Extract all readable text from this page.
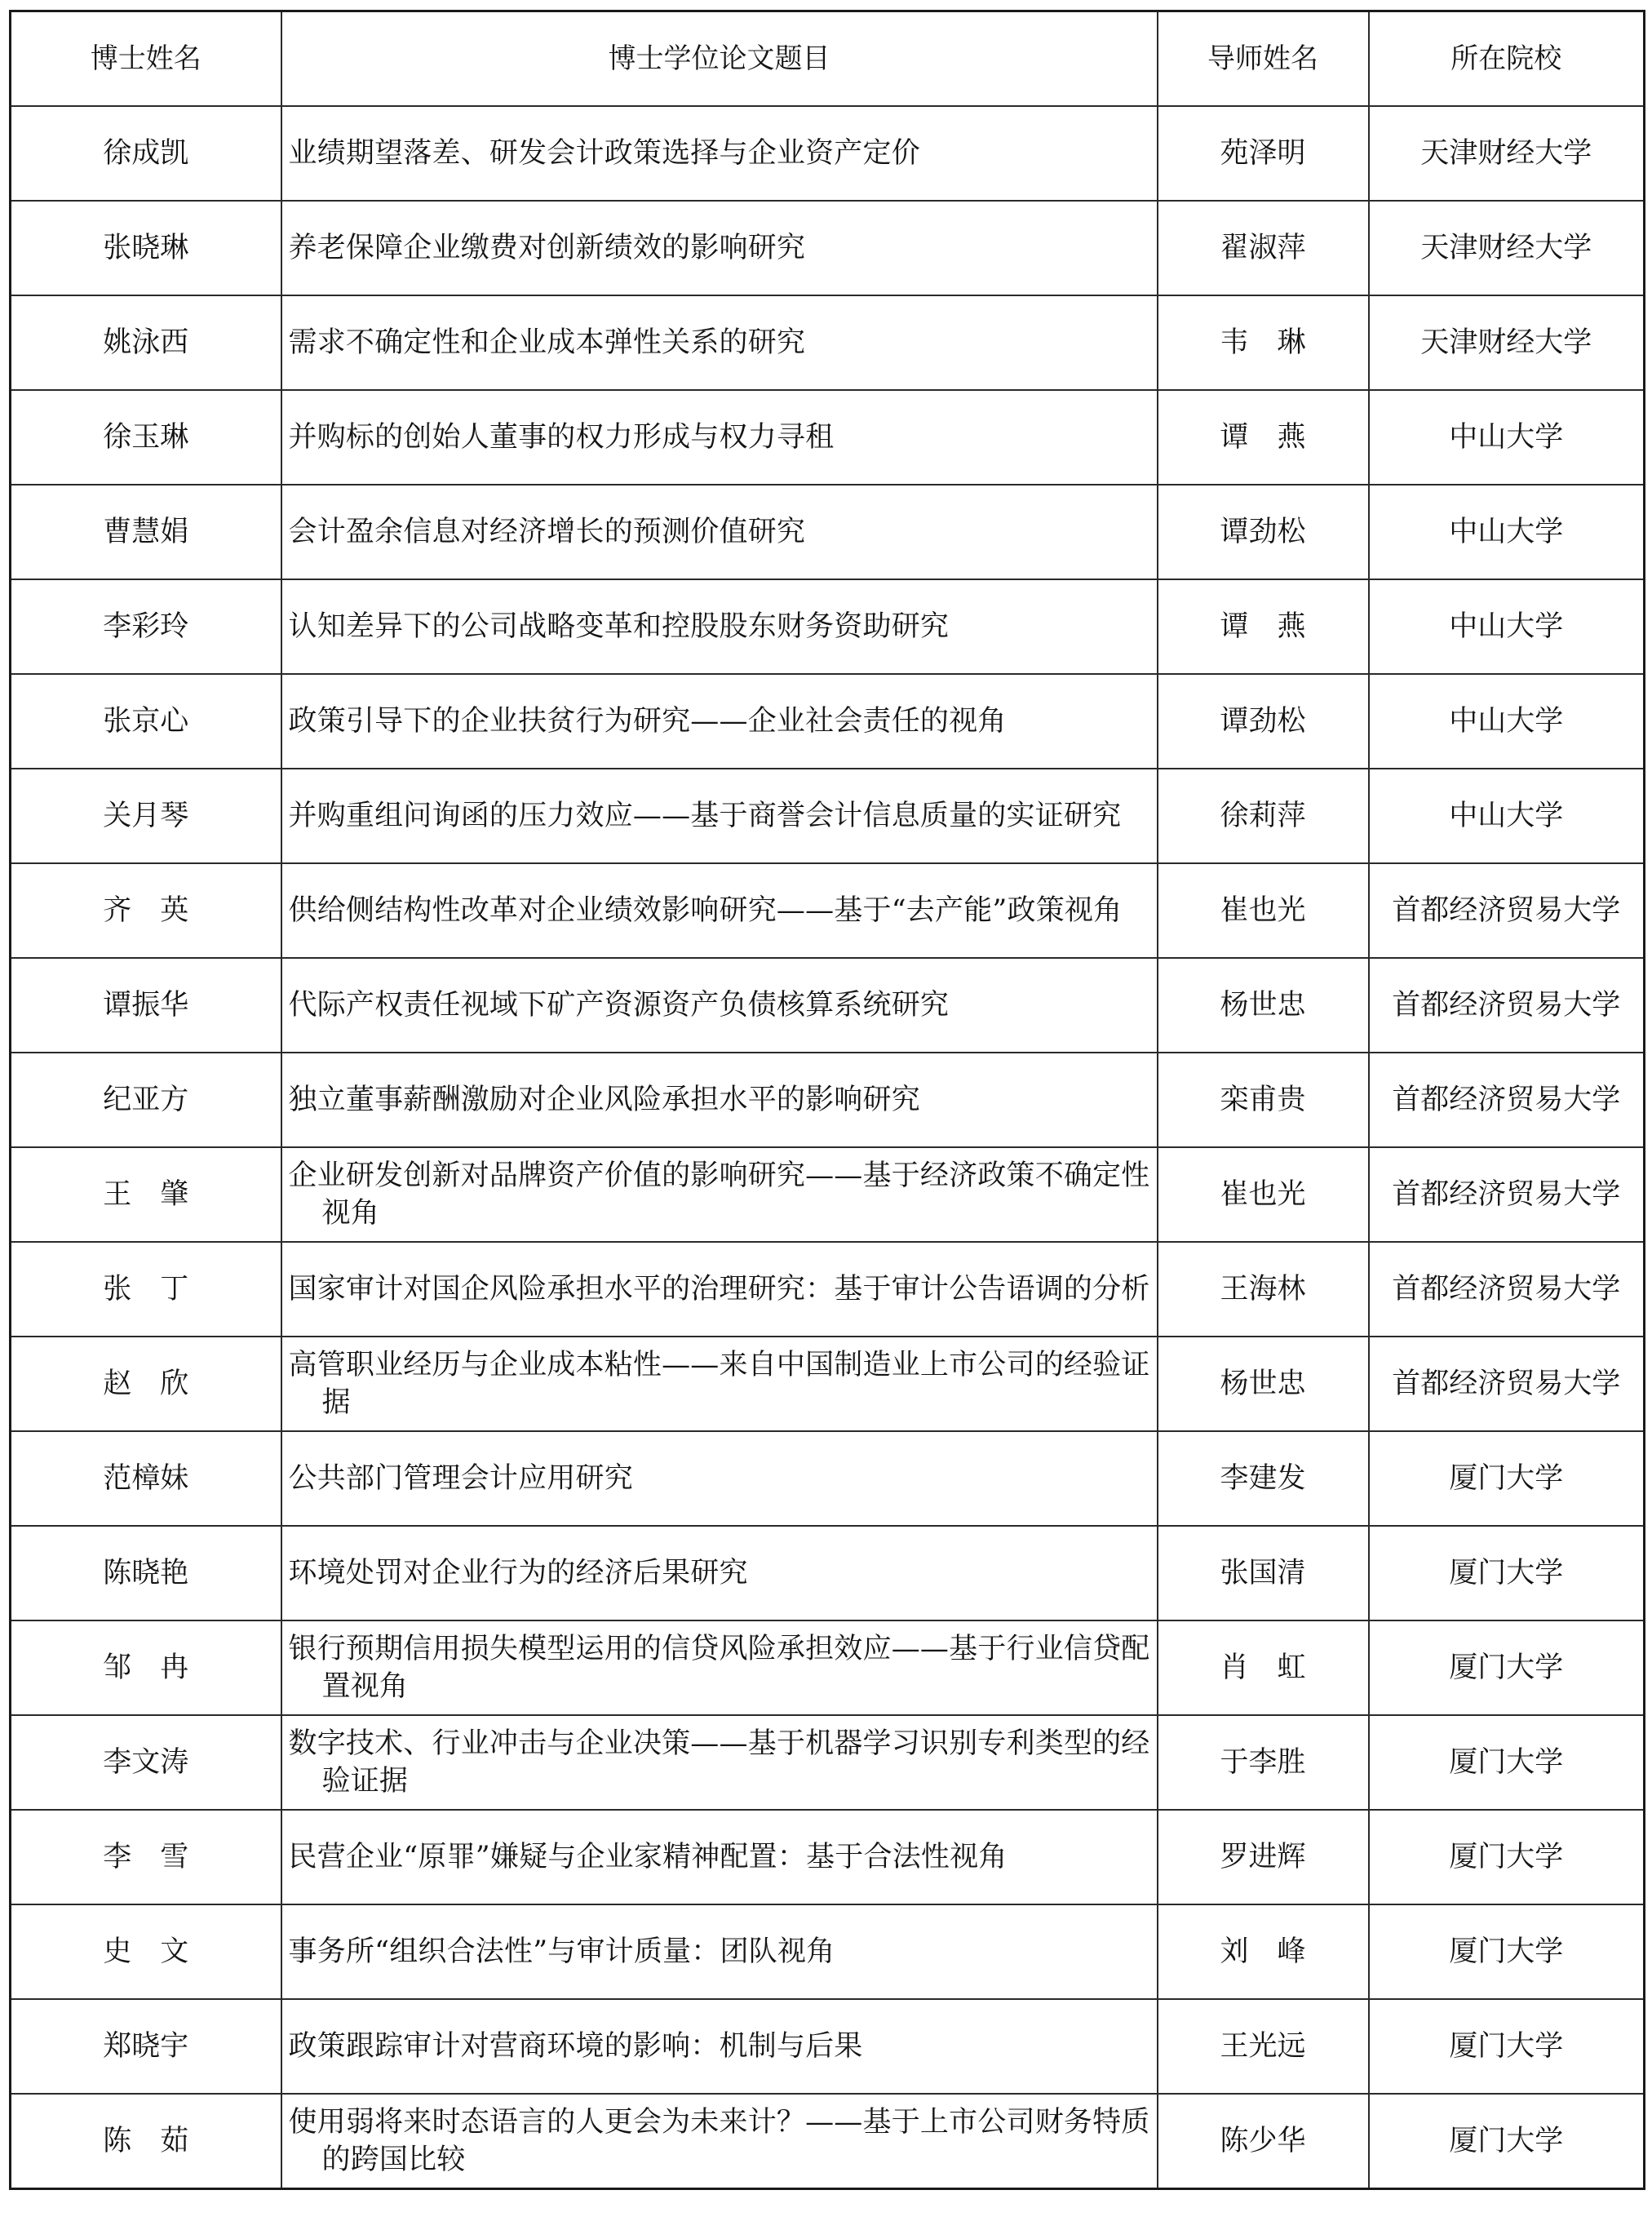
博士姓名	博士学位论文题目	导师姓名	所在院校
徐成凯	业绩期望落差、研发会计政策选择与企业资产定价	苑泽明	天津财经大学
张晓琳	养老保障企业缴费对创新绩效的影响研究	翟淑萍	天津财经大学
姚泳西	需求不确定性和企业成本弹性关系的研究	韦　琳	天津财经大学
徐玉琳	并购标的创始人董事的权力形成与权力寻租	谭　燕	中山大学
曹慧娟	会计盈余信息对经济增长的预测价值研究	谭劲松	中山大学
李彩玲	认知差异下的公司战略变革和控股股东财务资助研究	谭　燕	中山大学
张京心	政策引导下的企业扶贫行为研究——企业社会责任的视角	谭劲松	中山大学
关月琴	并购重组问询函的压力效应——基于商誉会计信息质量的实证研究	徐莉萍	中山大学
齐　英	供给侧结构性改革对企业绩效影响研究——基于“去产能”政策视角	崔也光	首都经济贸易大学
谭振华	代际产权责任视域下矿产资源资产负债核算系统研究	杨世忠	首都经济贸易大学
纪亚方	独立董事薪酬激励对企业风险承担水平的影响研究	栾甫贵	首都经济贸易大学
王　肇	企业研发创新对品牌资产价值的影响研究——基于经济政策不确定性视角	崔也光	首都经济贸易大学
张　丁	国家审计对国企风险承担水平的治理研究：基于审计公告语调的分析	王海林	首都经济贸易大学
赵　欣	高管职业经历与企业成本粘性——来自中国制造业上市公司的经验证据	杨世忠	首都经济贸易大学
范樟妹	公共部门管理会计应用研究	李建发	厦门大学
陈晓艳	环境处罚对企业行为的经济后果研究	张国清	厦门大学
邹　冉	银行预期信用损失模型运用的信贷风险承担效应——基于行业信贷配置视角	肖　虹	厦门大学
李文涛	数字技术、行业冲击与企业决策——基于机器学习识别专利类型的经验证据	于李胜	厦门大学
李　雪	民营企业“原罪”嫌疑与企业家精神配置：基于合法性视角	罗进辉	厦门大学
史　文	事务所“组织合法性”与审计质量：团队视角	刘　峰	厦门大学
郑晓宇	政策跟踪审计对营商环境的影响：机制与后果	王光远	厦门大学
陈　茹	使用弱将来时态语言的人更会为未来计？——基于上市公司财务特质的跨国比较	陈少华	厦门大学
